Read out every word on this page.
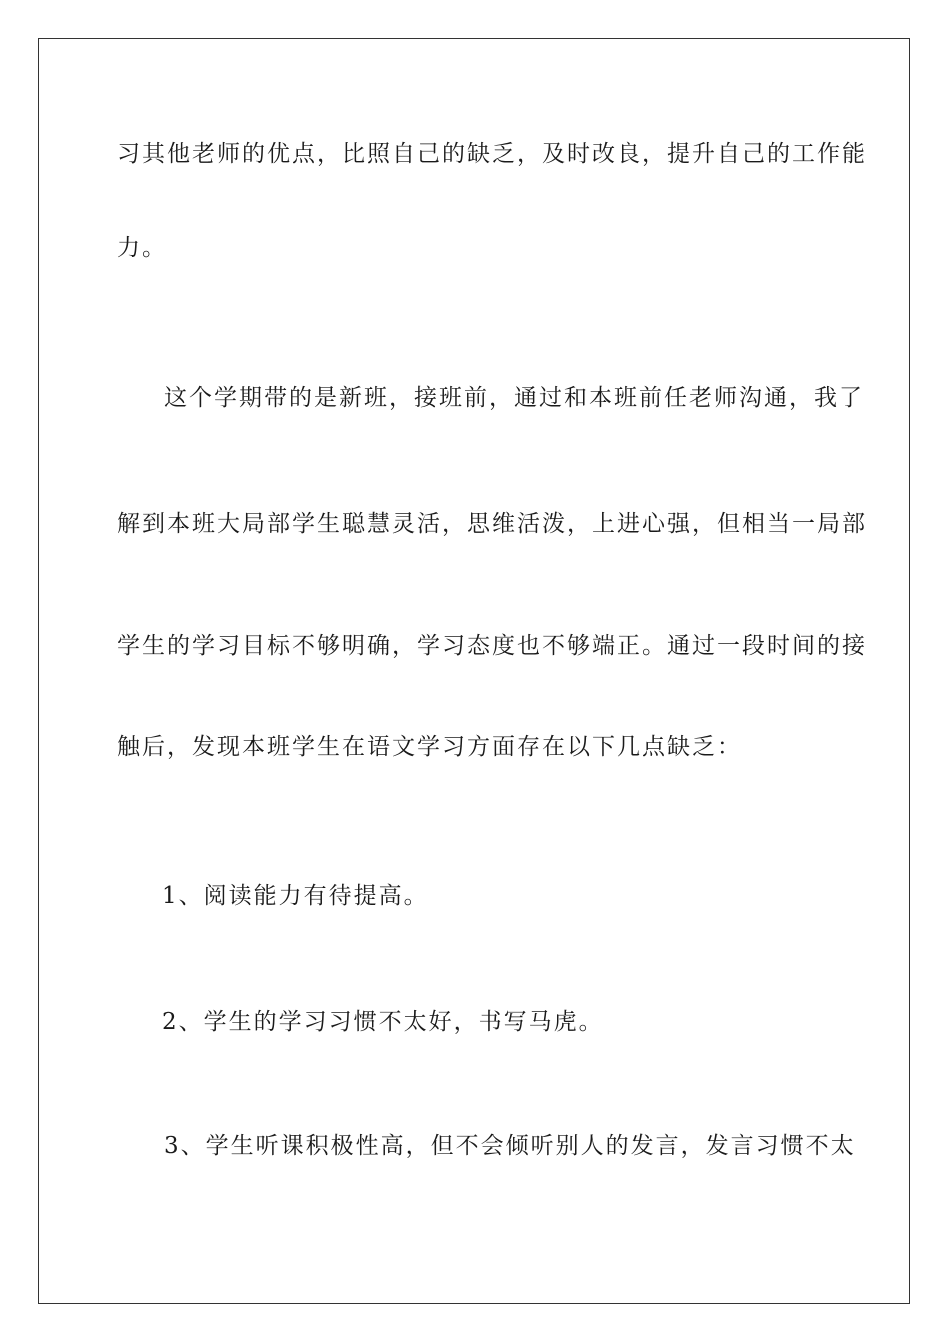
习其他老师的优点，比照自己的缺乏，及时改良，提升自己的工作能
力。
这个学期带的是新班，接班前，通过和本班前任老师沟通，我了
解到本班大局部学生聪慧灵活，思维活泼，上进心强，但相当一局部
学生的学习目标不够明确，学习态度也不够端正。通过一段时间的接
触后，发现本班学生在语文学习方面存在以下几点缺乏：
1、阅读能力有待提高。
2、学生的学习习惯不太好，书写马虎。
3、学生听课积极性高，但不会倾听别人的发言，发言习惯不太
